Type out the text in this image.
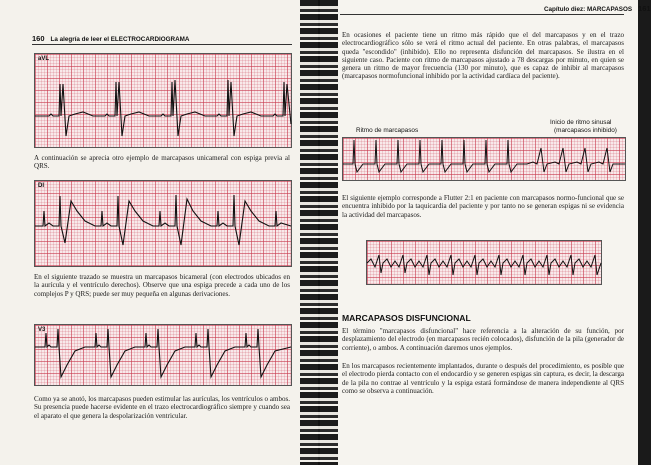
160 La alegría de leer el ELECTROCARDIOGRAMA
aVL

A continuación se aprecia otro ejemplo de marcapasos unicameral con espiga previa al QRS.

DI

En el siguiente trazado se muestra un marcapasos bicameral (con electrodos ubicados en la aurícula y el ventrículo derechos). Observe que una espiga precede a cada uno de los complejos P y QRS; puede ser muy pequeña en algunas derivaciones.

V3

Como ya se anotó, los marcapasos pueden estimular las aurículas, los ventrículos o ambos. Su presencia puede hacerse evidente en el trazo electrocardiográfico siempre y cuando sea el aparato el que genera la despolarización ventricular.

Capítulo diez: MARCAPASOS 161

En ocasiones el paciente tiene un ritmo más rápido que el del marcapasos y en el trazo electrocardiográfico sólo se verá el ritmo actual del paciente. En otras palabras, el marcapasos queda "escondido" (inhibido). Ello no representa disfunción del marcapasos. Se ilustra en el siguiente caso. Paciente con ritmo de marcapasos ajustado a 78 descargas por minuto, en quien se genera un ritmo de mayor frecuencia (130 por minuto), que es capaz de inhibir al marcapasos (marcapasos normofuncional inhibido por la actividad cardíaca del paciente).

Ritmo de marcapasos
Inicio de ritmo sinusal
(marcapasos inhibido)

El siguiente ejemplo corresponde a Flutter 2:1 en paciente con marcapasos normo-funcional que se encuentra inhibido por la taquicardia del paciente y por tanto no se generan espigas ni se evidencia la actividad del marcapasos.

MARCAPASOS DISFUNCIONAL

El término "marcapasos disfuncional" hace referencia a la alteración de su función, por desplazamiento del electrodo (en marcapasos recién colocados), disfunción de la pila (generador de corriente), o ambos. A continuación daremos unos ejemplos.

En los marcapasos recientemente implantados, durante o después del procedimiento, es posible que el electrodo pierda contacto con el endocardio y se generen espigas sin captura, es decir, la descarga de la pila no contrae al ventrículo y la espiga estará formándose de manera independiente al QRS como se observa a continuación.
